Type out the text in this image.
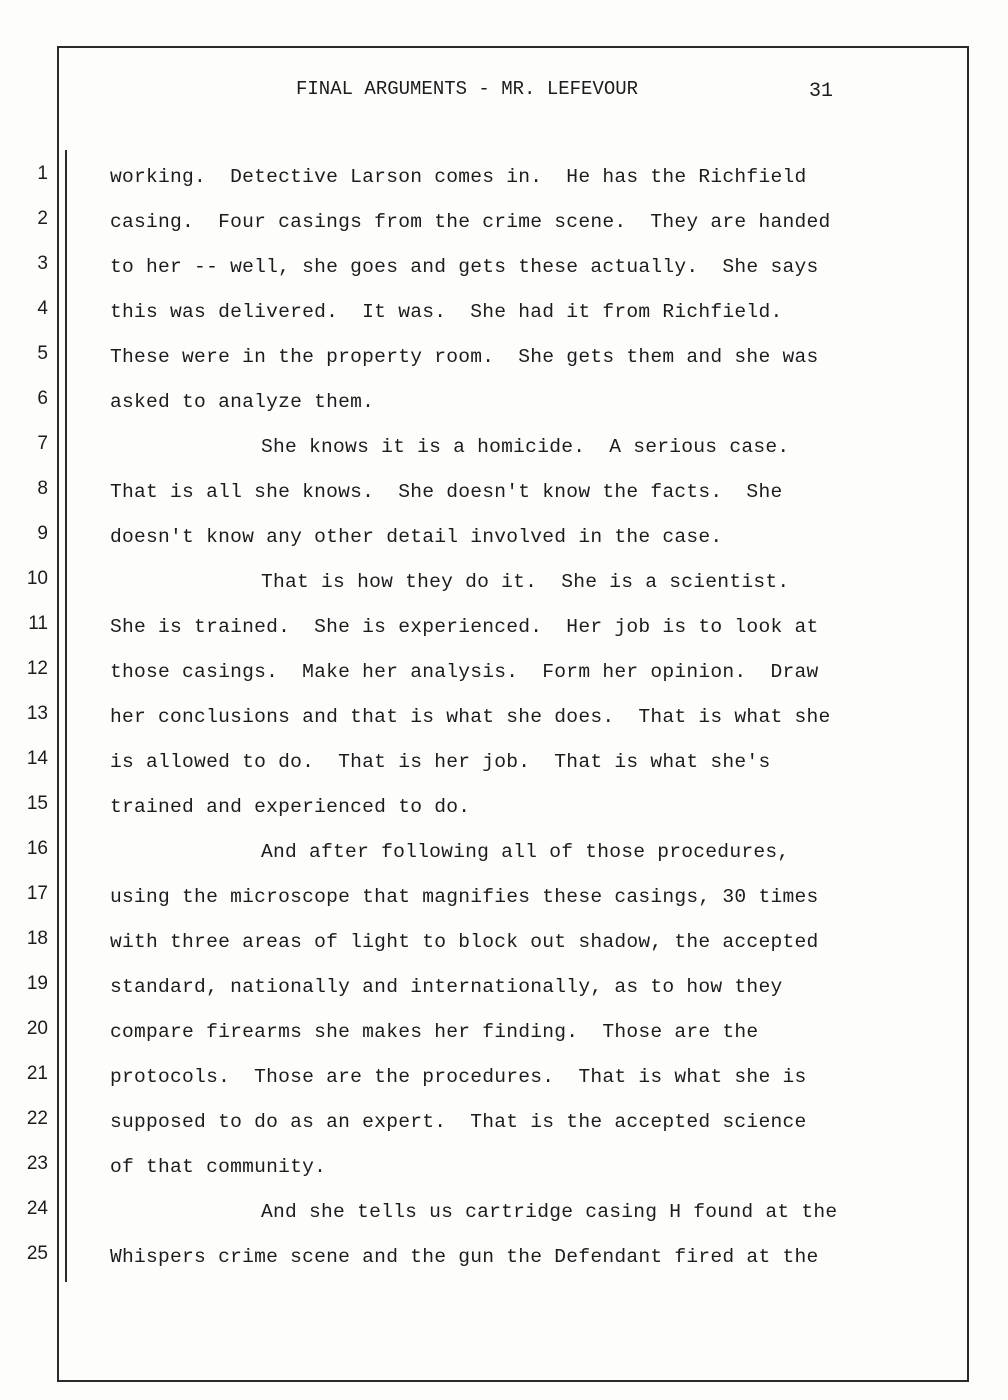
FINAL ARGUMENTS - MR. LEFEVOUR	31
1
2
3
4
5
6
7
8
9
10
11
12
13
14
15
16
17
18
19
20
21
22
23
24
25
working.  Detective Larson comes in.  He has the Richfield
casing.  Four casings from the crime scene.  They are handed
to her -- well, she goes and gets these actually.  She says
this was delivered.  It was.  She had it from Richfield.
These were in the property room.  She gets them and she was
asked to analyze them.
She knows it is a homicide.  A serious case.
That is all she knows.  She doesn't know the facts.  She
doesn't know any other detail involved in the case.
That is how they do it.  She is a scientist.
She is trained.  She is experienced.  Her job is to look at
those casings.  Make her analysis.  Form her opinion.  Draw
her conclusions and that is what she does.  That is what she
is allowed to do.  That is her job.  That is what she's
trained and experienced to do.
And after following all of those procedures,
using the microscope that magnifies these casings, 30 times
with three areas of light to block out shadow, the accepted
standard, nationally and internationally, as to how they
compare firearms she makes her finding.  Those are the
protocols.  Those are the procedures.  That is what she is
supposed to do as an expert.  That is the accepted science
of that community.
And she tells us cartridge casing H found at the
Whispers crime scene and the gun the Defendant fired at the
